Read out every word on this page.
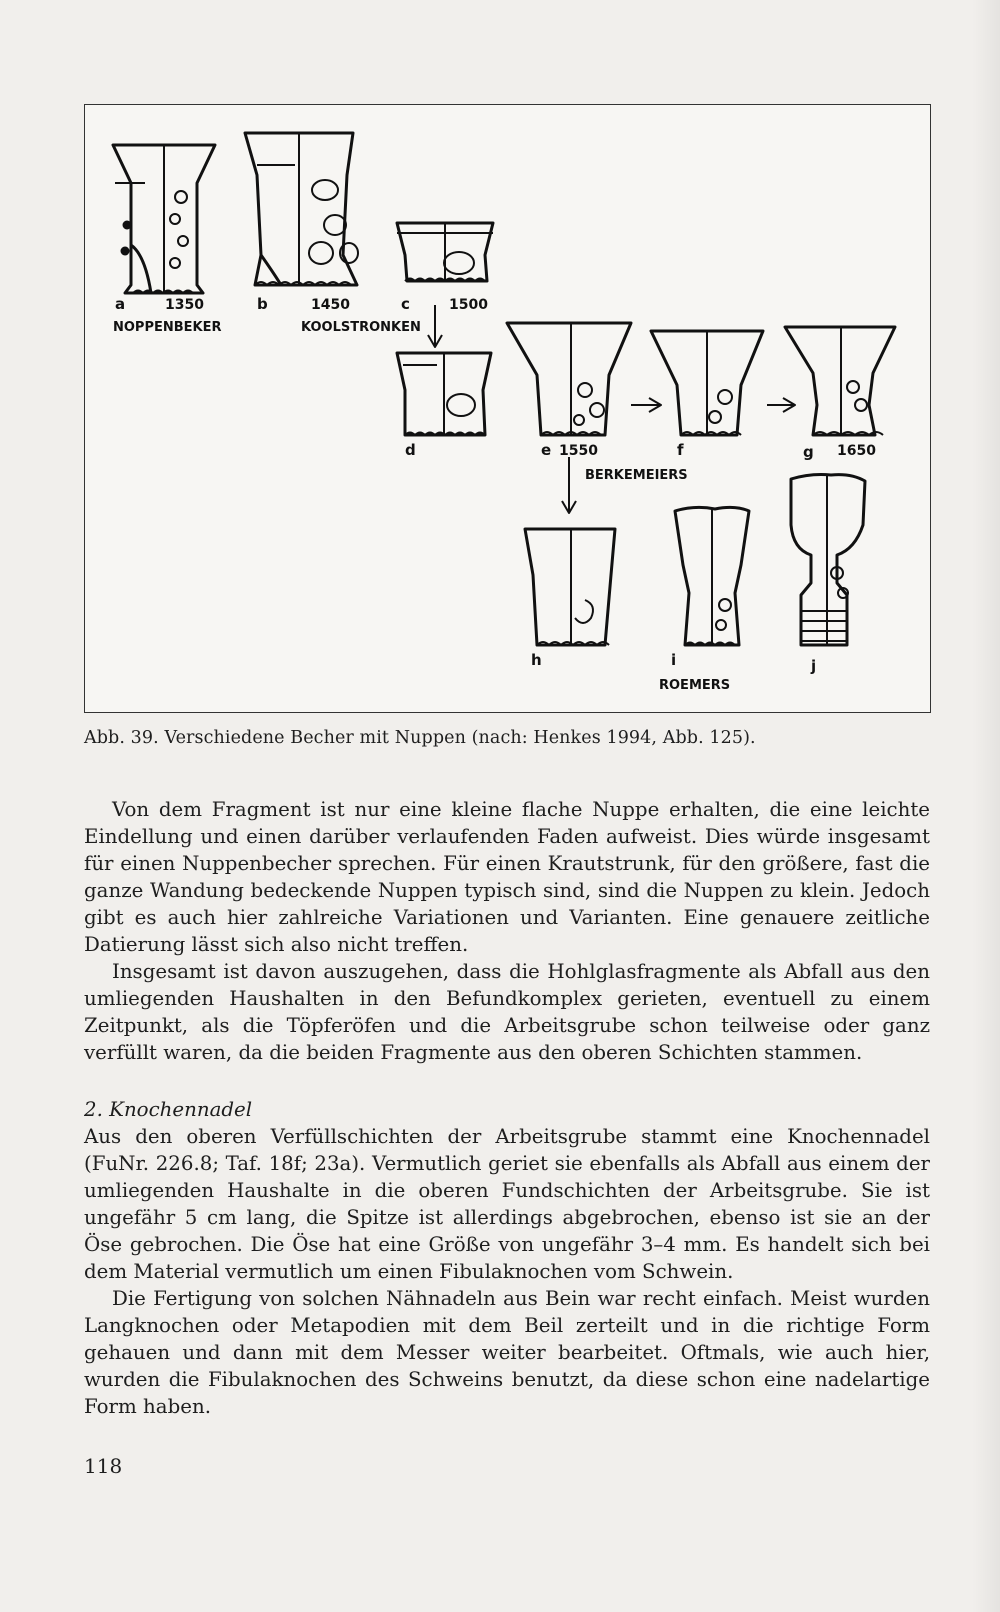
a	1350
NOPPENBEKER
b	1450
KOOLSTRONKEN
c	1500
d	e 1550	f	g 1650
BERKEMEIERS
h	i	j
ROEMERS
Abb. 39. Verschiedene Becher mit Nuppen (nach: Henkes 1994, Abb. 125).

Von dem Fragment ist nur eine kleine flache Nuppe erhalten, die eine leichte Eindellung und einen darüber verlaufenden Faden aufweist. Dies würde insgesamt für einen Nuppenbecher sprechen. Für einen Krautstrunk, für den größere, fast die ganze Wandung bedeckende Nuppen typisch sind, sind die Nuppen zu klein. Jedoch gibt es auch hier zahlreiche Variationen und Varianten. Eine genauere zeitliche Datierung lässt sich also nicht treffen.

Insgesamt ist davon auszugehen, dass die Hohlglasfragmente als Abfall aus den umliegenden Haushalten in den Befundkomplex gerieten, eventuell zu einem Zeitpunkt, als die Töpferöfen und die Arbeitsgrube schon teilweise oder ganz verfüllt waren, da die beiden Fragmente aus den oberen Schichten stammen.

2. Knochennadel

Aus den oberen Verfüllschichten der Arbeitsgrube stammt eine Knochennadel (FuNr. 226.8; Taf. 18f; 23a). Vermutlich geriet sie ebenfalls als Abfall aus einem der umliegenden Haushalte in die oberen Fundschichten der Arbeitsgrube. Sie ist ungefähr 5 cm lang, die Spitze ist allerdings abgebrochen, ebenso ist sie an der Öse gebrochen. Die Öse hat eine Größe von ungefähr 3–4 mm. Es handelt sich bei dem Material vermutlich um einen Fibulaknochen vom Schwein.

Die Fertigung von solchen Nähnadeln aus Bein war recht einfach. Meist wurden Langknochen oder Metapodien mit dem Beil zerteilt und in die richtige Form gehauen und dann mit dem Messer weiter bearbeitet. Oftmals, wie auch hier, wurden die Fibulaknochen des Schweins benutzt, da diese schon eine nadelartige Form haben.

118
